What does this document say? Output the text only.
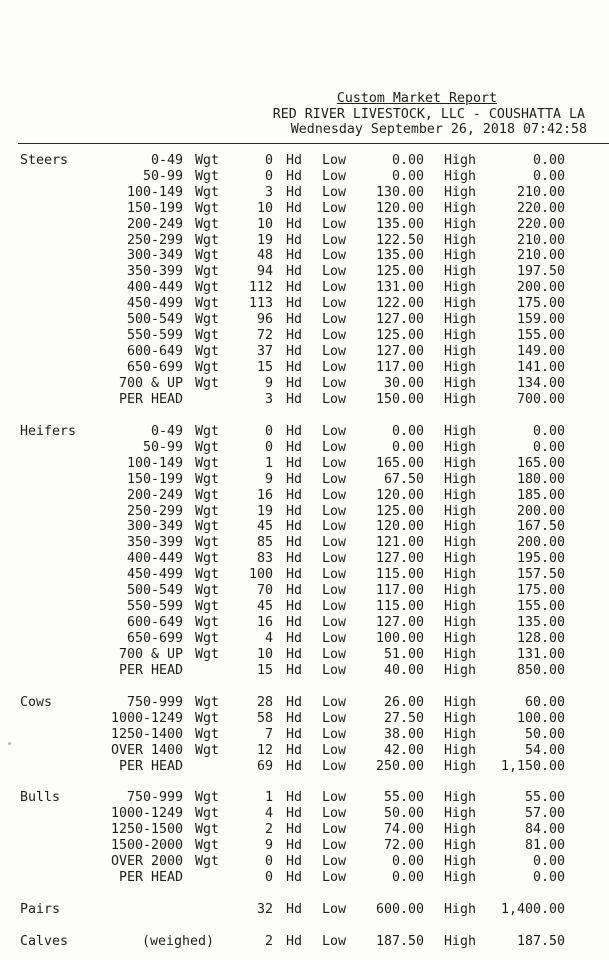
Custom Market Report
RED RIVER LIVESTOCK, LLC - COUSHATTA LA
Wednesday September 26, 2018 07:42:58
Steers	0-49 Wgt	0 Hd Low	0.00 High	0.00
50-99 Wgt	0 Hd Low	0.00 High	0.00
100-149 Wgt	3 Hd Low 130.00 High	210.00
150-199 Wgt	10 Hd Low 120.00 High	220.00
200-249 Wgt	10 Hd Low 135.00 High	220.00
250-299 Wgt	19 Hd Low 122.50 High	210.00
300-349 Wgt	48 Hd Low 135.00 High	210.00
350-399 Wgt	94 Hd Low 125.00 High	197.50
400-449 Wgt 112 Hd Low 131.00 High	200.00
450-499 Wgt 113 Hd Low 122.00 High	175.00
500-549 Wgt	96 Hd Low 127.00 High	159.00
550-599 Wgt	72 Hd Low 125.00 High	155.00
600-649 Wgt	37 Hd Low 127.00 High	149.00
650-699 Wgt	15 Hd Low 117.00 High	141.00
700 & UP Wgt	9 Hd Low	30.00 High	134.00
PER HEAD	3 Hd Low 150.00 High	700.00
Heifers	0-49 Wgt	0 Hd Low	0.00 High	0.00
50-99 Wgt	0 Hd Low	0.00 High	0.00
100-149 Wgt	1 Hd Low 165.00 High	165.00
150-199 Wgt	9 Hd Low	67.50 High	180.00
200-249 Wgt	16 Hd Low 120.00 High	185.00
250-299 Wgt	19 Hd Low 125.00 High	200.00
300-349 Wgt	45 Hd Low 120.00 High	167.50
350-399 Wgt	85 Hd Low 121.00 High	200.00
400-449 Wgt	83 Hd Low 127.00 High	195.00
450-499 Wgt 100 Hd Low 115.00 High	157.50
500-549 Wgt	70 Hd Low 117.00 High	175.00
550-599 Wgt	45 Hd Low 115.00 High	155.00
600-649 Wgt	16 Hd Low 127.00 High	135.00
650-699 Wgt	4 Hd Low 100.00 High	128.00
700 & UP Wgt	10 Hd Low	51.00 High	131.00
PER HEAD	15 Hd Low	40.00 High	850.00
Cows	750-999 Wgt	28 Hd Low	26.00 High	60.00
1000-1249 Wgt	58 Hd Low	27.50 High	100.00
1250-1400 Wgt	7 Hd Low	38.00 High	50.00
OVER 1400 Wgt	12 Hd Low	42.00 High	54.00
PER HEAD	69 Hd Low 250.00 High 1,150.00
Bulls	750-999 Wgt	1 Hd Low	55.00 High	55.00
1000-1249 Wgt	4 Hd Low	50.00 High	57.00
1250-1500 Wgt	2 Hd Low	74.00 High	84.00
1500-2000 Wgt	9 Hd Low	72.00 High	81.00
OVER 2000 Wgt	0 Hd Low	0.00 High	0.00
PER HEAD	0 Hd Low	0.00 High	0.00
Pairs	32 Hd Low 600.00 High 1,400.00
Calves	(weighed)	2 Hd Low 187.50 High	187.50
